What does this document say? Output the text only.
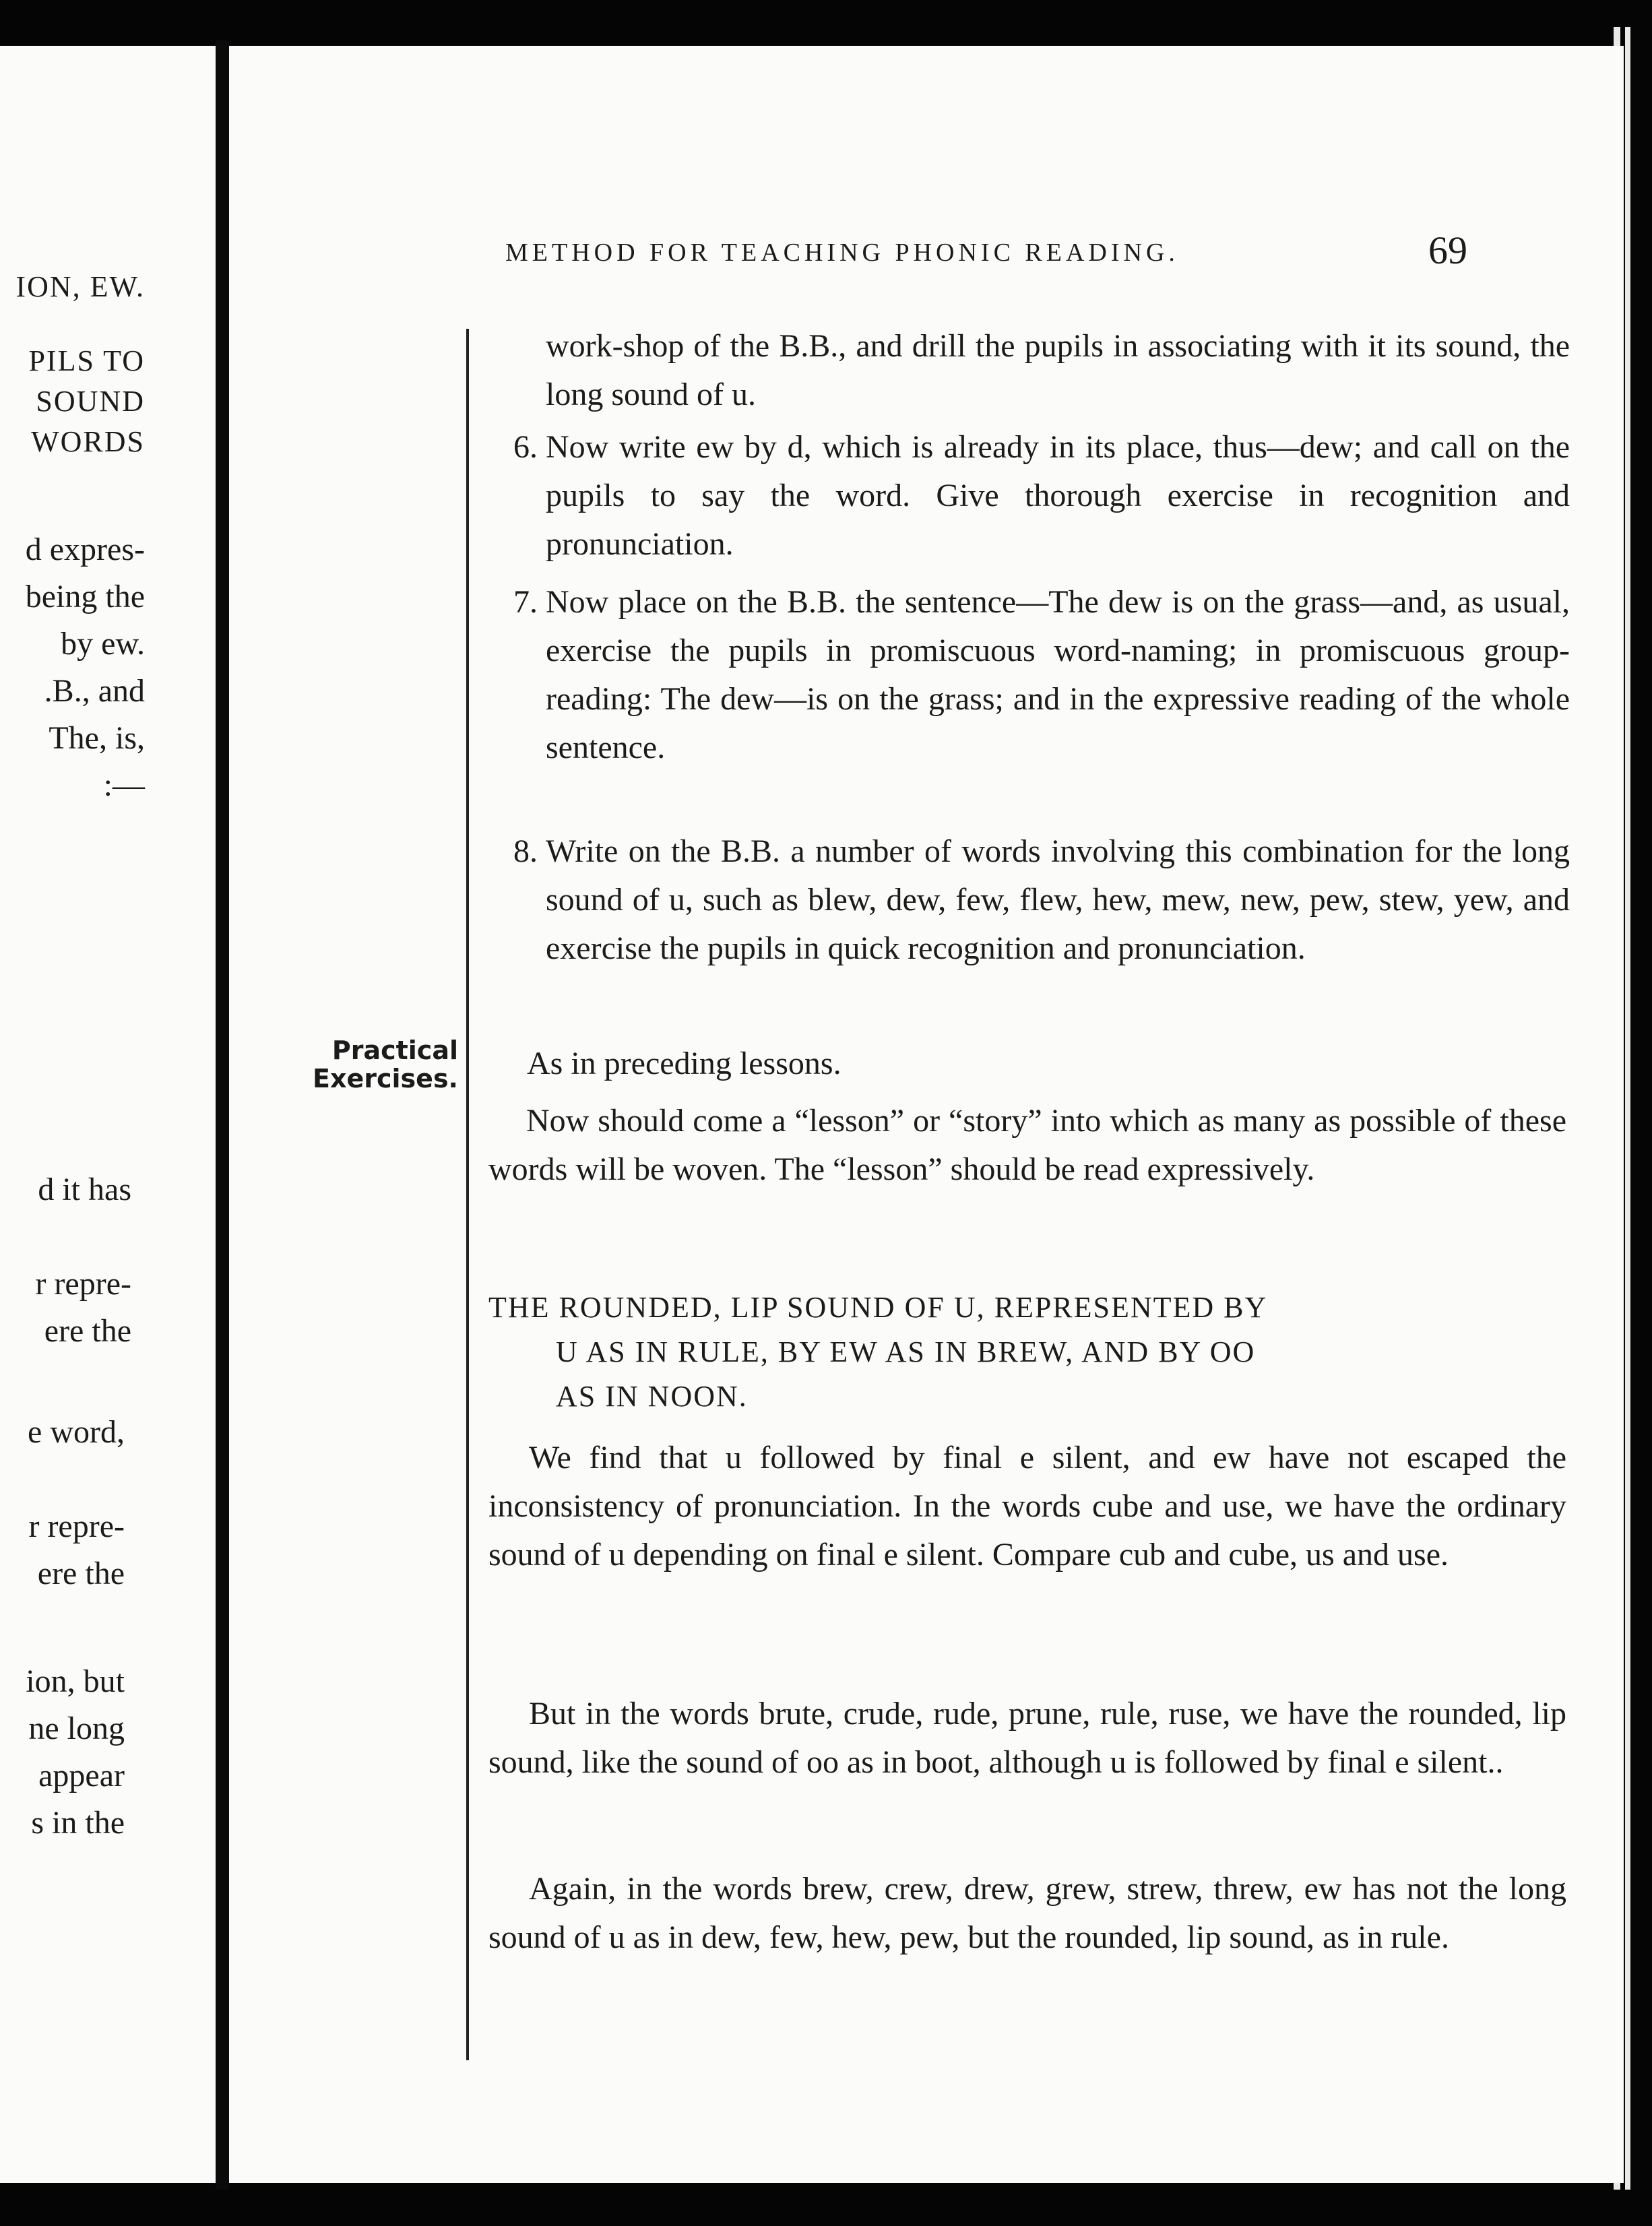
ION, EW.
PILS TO
SOUND
WORDS
d expres-
being the
by ew.
.B., and
The, is,
:—
d it has
r repre-
ere the
e word,
r repre-
ere the
ion, but
ne long
appear
s in the
METHOD FOR TEACHING PHONIC READING.	69
work-shop of the B.B., and drill the pupils in associating with it its sound, the long sound of u.
6. Now write ew by d, which is already in its place, thus—dew; and call on the pupils to say the word. Give thorough exercise in recognition and pronunciation.
7. Now place on the B.B. the sentence—The dew is on the grass—and, as usual, exercise the pupils in promiscuous word-naming; in promiscuous group-reading: The dew—is on the grass; and in the expressive reading of the whole sentence.
8. Write on the B.B. a number of words involving this combination for the long sound of u, such as blew, dew, few, flew, hew, mew, new, pew, stew, yew, and exercise the pupils in quick recognition and pronunciation.
Practical Exercises. As in preceding lessons.
Now should come a “lesson” or “story” into which as many as possible of these words will be woven. The “lesson” should be read expressively.
THE ROUNDED, LIP SOUND OF U, REPRESENTED BY
U AS IN RULE, BY EW AS IN BREW, AND BY OO
AS IN NOON.
We find that u followed by final e silent, and ew have not escaped the inconsistency of pronunciation. In the words cube and use, we have the ordinary sound of u depending on final e silent. Compare cub and cube, us and use.
But in the words brute, crude, rude, prune, rule, ruse, we have the rounded, lip sound, like the sound of oo as in boot, although u is followed by final e silent..
Again, in the words brew, crew, drew, grew, strew, threw, ew has not the long sound of u as in dew, few, hew, pew, but the rounded, lip sound, as in rule.
